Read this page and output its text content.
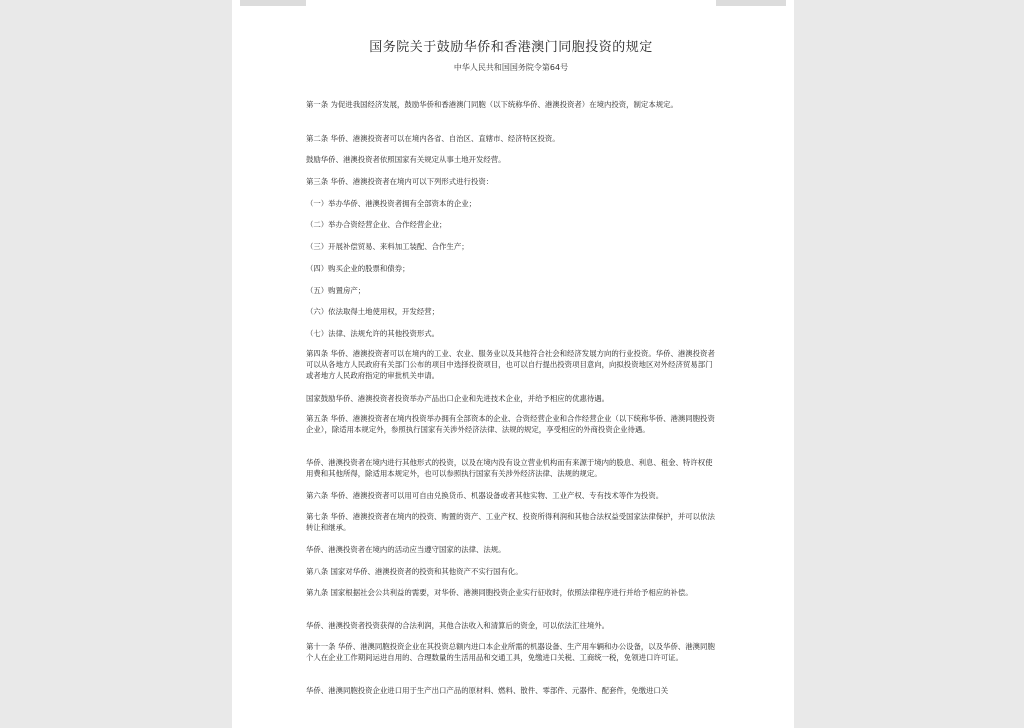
国务院关于鼓励华侨和香港澳门同胞投资的规定
中华人民共和国国务院令第64号
第一条 为促进我国经济发展，鼓励华侨和香港澳门同胞（以下统称华侨、港澳投资者）在境内投资，制定本规定。
第二条 华侨、港澳投资者可以在境内各省、自治区、直辖市、经济特区投资。
鼓励华侨、港澳投资者依照国家有关规定从事土地开发经营。
第三条 华侨、港澳投资者在境内可以下列形式进行投资：
（一）举办华侨、港澳投资者拥有全部资本的企业；
（二）举办合资经营企业、合作经营企业；
（三）开展补偿贸易、来料加工装配、合作生产；
（四）购买企业的股票和债券；
（五）购置房产；
（六）依法取得土地使用权，开发经营；
（七）法律、法规允许的其他投资形式。
第四条 华侨、港澳投资者可以在境内的工业、农业、服务业以及其他符合社会和经济发展方向的行业投资。华侨、港澳投资者可以从各地方人民政府有关部门公布的项目中选择投资项目，也可以自行提出投资项目意向，向拟投资地区对外经济贸易部门或者地方人民政府指定的审批机关申请。
国家鼓励华侨、港澳投资者投资举办产品出口企业和先进技术企业，并给予相应的优惠待遇。
第五条 华侨、港澳投资者在境内投资举办拥有全部资本的企业、合资经营企业和合作经营企业（以下统称华侨、港澳同胞投资企业），除适用本规定外，参照执行国家有关涉外经济法律、法规的规定，享受相应的外商投资企业待遇。
华侨、港澳投资者在境内进行其他形式的投资，以及在境内没有设立营业机构而有来源于境内的股息、利息、租金、特许权使用费和其他所得，除适用本规定外，也可以参照执行国家有关涉外经济法律、法规的规定。
第六条 华侨、港澳投资者可以用可自由兑换货币、机器设备或者其他实物、工业产权、专有技术等作为投资。
第七条 华侨、港澳投资者在境内的投资、购置的资产、工业产权、投资所得利润和其他合法权益受国家法律保护，并可以依法转让和继承。
华侨、港澳投资者在境内的活动应当遵守国家的法律、法规。
第八条 国家对华侨、港澳投资者的投资和其他资产不实行国有化。
第九条 国家根据社会公共利益的需要，对华侨、港澳同胞投资企业实行征收时，依照法律程序进行并给予相应的补偿。
华侨、港澳投资者投资获得的合法利润，其他合法收入和清算后的资金，可以依法汇往境外。
第十一条 华侨、港澳同胞投资企业在其投资总额内进口本企业所需的机器设备、生产用车辆和办公设备，以及华侨、港澳同胞个人在企业工作期间运进自用的、合理数量的生活用品和交通工具，免缴进口关税、工商统一税，免领进口许可证。
华侨、港澳同胞投资企业进口用于生产出口产品的原材料、燃料、散件、零部件、元器件、配套件，免缴进口关
